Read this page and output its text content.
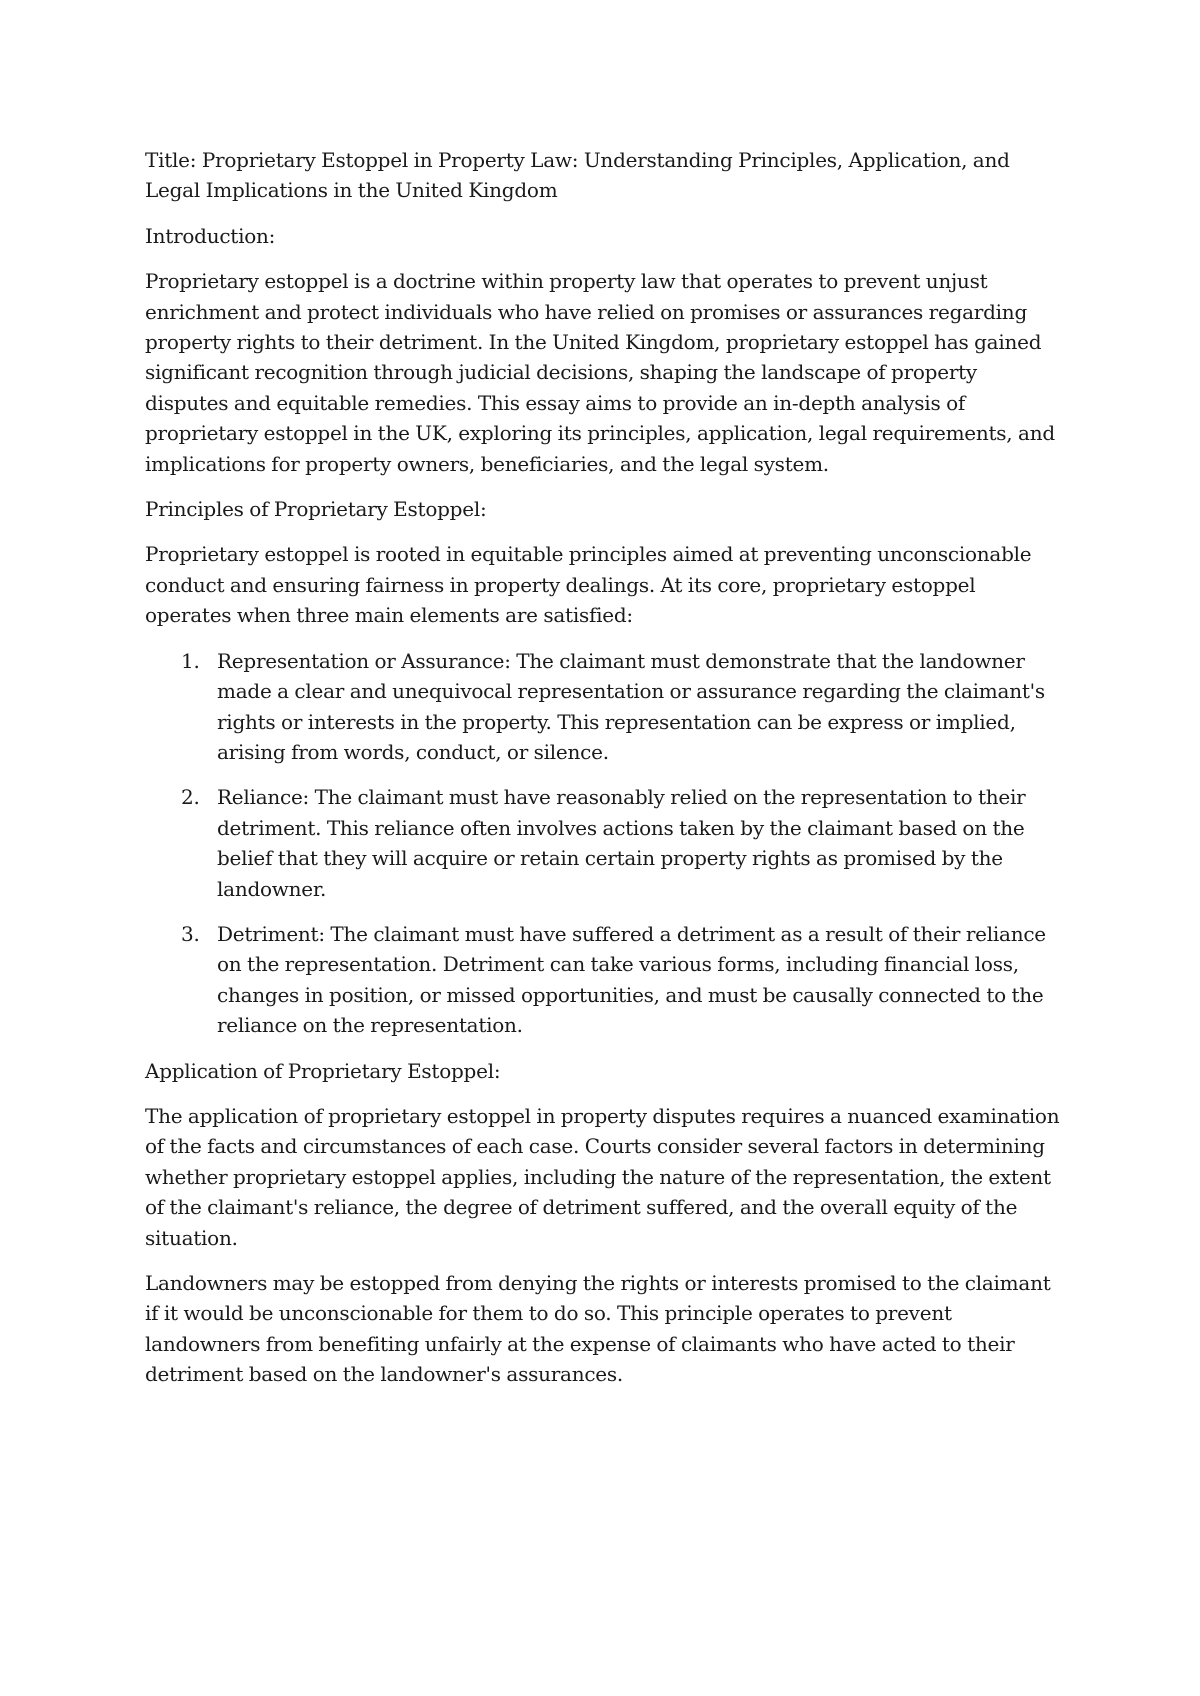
Title: Proprietary Estoppel in Property Law: Understanding Principles, Application, and Legal Implications in the United Kingdom

Introduction:

Proprietary estoppel is a doctrine within property law that operates to prevent unjust enrichment and protect individuals who have relied on promises or assurances regarding property rights to their detriment. In the United Kingdom, proprietary estoppel has gained significant recognition through judicial decisions, shaping the landscape of property disputes and equitable remedies. This essay aims to provide an in-depth analysis of proprietary estoppel in the UK, exploring its principles, application, legal requirements, and implications for property owners, beneficiaries, and the legal system.

Principles of Proprietary Estoppel:

Proprietary estoppel is rooted in equitable principles aimed at preventing unconscionable conduct and ensuring fairness in property dealings. At its core, proprietary estoppel operates when three main elements are satisfied:

1. Representation or Assurance: The claimant must demonstrate that the landowner made a clear and unequivocal representation or assurance regarding the claimant's rights or interests in the property. This representation can be express or implied, arising from words, conduct, or silence.
2. Reliance: The claimant must have reasonably relied on the representation to their detriment. This reliance often involves actions taken by the claimant based on the belief that they will acquire or retain certain property rights as promised by the landowner.
3. Detriment: The claimant must have suffered a detriment as a result of their reliance on the representation. Detriment can take various forms, including financial loss, changes in position, or missed opportunities, and must be causally connected to the reliance on the representation.

Application of Proprietary Estoppel:

The application of proprietary estoppel in property disputes requires a nuanced examination of the facts and circumstances of each case. Courts consider several factors in determining whether proprietary estoppel applies, including the nature of the representation, the extent of the claimant's reliance, the degree of detriment suffered, and the overall equity of the situation.

Landowners may be estopped from denying the rights or interests promised to the claimant if it would be unconscionable for them to do so. This principle operates to prevent landowners from benefiting unfairly at the expense of claimants who have acted to their detriment based on the landowner's assurances.
